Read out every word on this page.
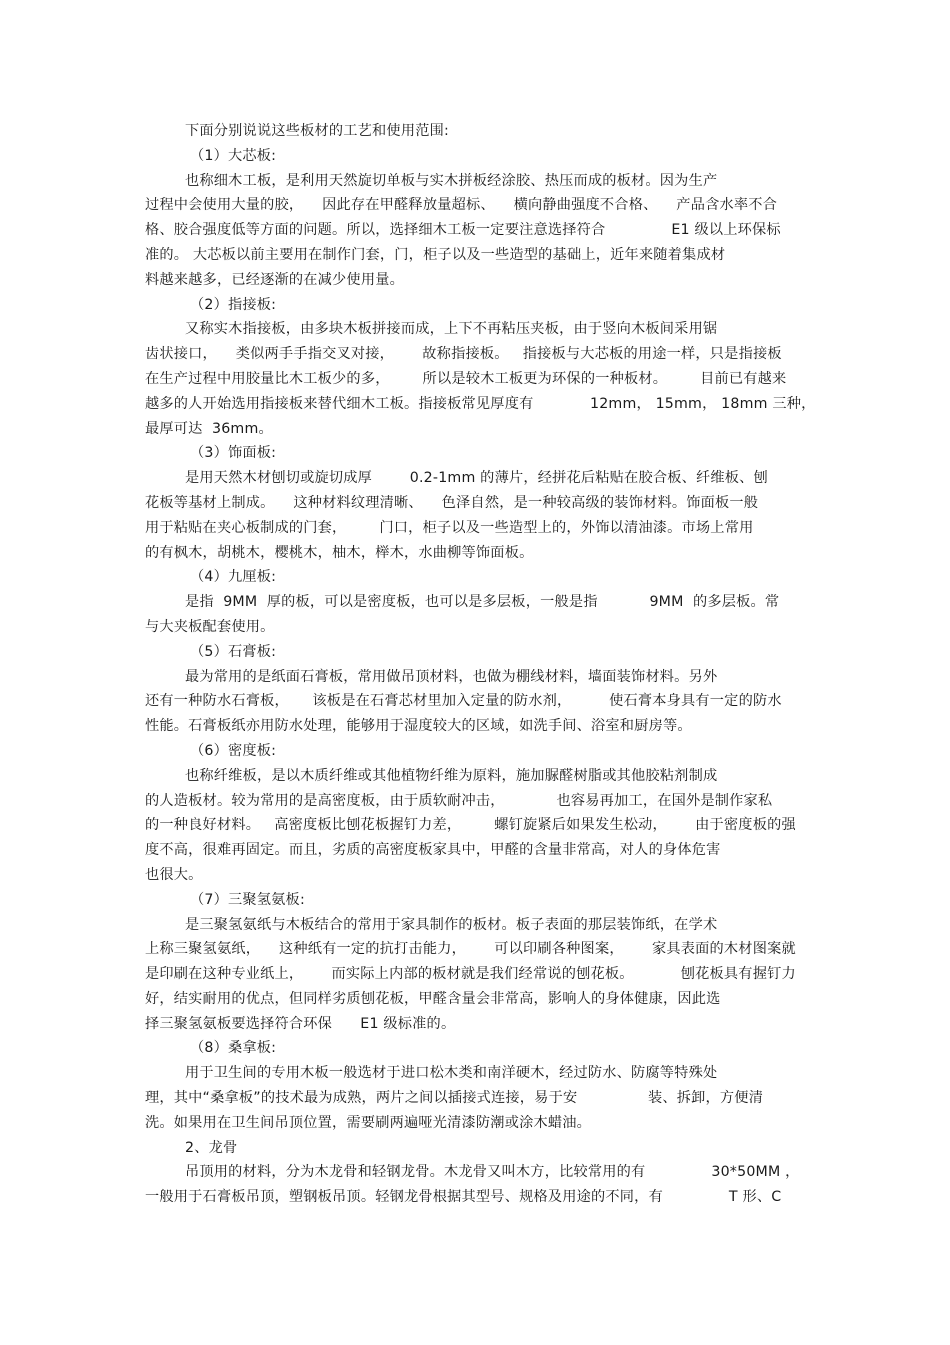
下面分别说说这些板材的工艺和使用范围:
（1）大芯板:
也称细木工板，是利用天然旋切单板与实木拼板经涂胶、热压而成的板材。因为生产
过程中会使用大量的胶，    因此存在甲醛释放量超标、    横向静曲强度不合格、    产品含水率不合
格、胶合强度低等方面的问题。所以，选择细木工板一定要注意选择符合              E1 级以上环保标
准的。 大芯板以前主要用在制作门套，门，柜子以及一些造型的基础上，近年来随着集成材
料越来越多，已经逐渐的在减少使用量。
（2）指接板:
又称实木指接板，由多块木板拼接而成，上下不再粘压夹板，由于竖向木板间采用锯
齿状接口，    类似两手手指交叉对接，      故称指接板。   指接板与大芯板的用途一样，只是指接板
在生产过程中用胶量比木工板少的多，       所以是较木工板更为环保的一种板材。       目前已有越来
越多的人开始选用指接板来替代细木工板。指接板常见厚度有            12mm， 15mm， 18mm 三种，
最厚可达  36mm。
（3）饰面板:
是用天然木材刨切或旋切成厚        0.2-1mm 的薄片，经拼花后粘贴在胶合板、纤维板、刨
花板等基材上制成。    这种材料纹理清晰、    色泽自然，是一种较高级的装饰材料。饰面板一般
用于粘贴在夹心板制成的门套，       门口，柜子以及一些造型上的，外饰以清油漆。市场上常用
的有枫木，胡桃木，樱桃木，柚木，榉木，水曲柳等饰面板。
（4）九厘板:
是指  9MM  厚的板，可以是密度板，也可以是多层板，一般是指           9MM  的多层板。常
与大夹板配套使用。
（5）石膏板:
最为常用的是纸面石膏板，常用做吊顶材料，也做为棚线材料，墙面装饰材料。另外
还有一种防水石膏板，     该板是在石膏芯材里加入定量的防水剂，        使石膏本身具有一定的防水
性能。石膏板纸亦用防水处理，能够用于湿度较大的区域，如洗手间、浴室和厨房等。
（6）密度板:
也称纤维板，是以木质纤维或其他植物纤维为原料，施加脲醛树脂或其他胶粘剂制成
的人造板材。较为常用的是高密度板，由于质软耐冲击，           也容易再加工，在国外是制作家私
的一种良好材料。   高密度板比刨花板握钉力差，       螺钉旋紧后如果发生松动，      由于密度板的强
度不高，很难再固定。而且，劣质的高密度板家具中，甲醛的含量非常高，对人的身体危害
也很大。
（7）三聚氢氨板:
是三聚氢氨纸与木板结合的常用于家具制作的板材。板子表面的那层装饰纸，在学术
上称三聚氢氨纸，    这种纸有一定的抗打击能力，      可以印刷各种图案，      家具表面的木材图案就
是印刷在这种专业纸上，      而实际上内部的板材就是我们经常说的刨花板。          刨花板具有握钉力
好，结实耐用的优点，但同样劣质刨花板，甲醛含量会非常高，影响人的身体健康，因此选
择三聚氢氨板要选择符合环保      E1 级标准的。
（8）桑拿板:
用于卫生间的专用木板一般选材于进口松木类和南洋硬木，经过防水、防腐等特殊处
理，其中“桑拿板”的技术最为成熟，两片之间以插接式连接，易于安               装、拆卸，方便清
洗。如果用在卫生间吊顶位置，需要刷两遍哑光清漆防潮或涂木蜡油。
2、龙骨
吊顶用的材料，分为木龙骨和轻钢龙骨。木龙骨又叫木方，比较常用的有              30*50MM ，
一般用于石膏板吊顶，塑钢板吊顶。轻钢龙骨根据其型号、规格及用途的不同，有              T 形、C
